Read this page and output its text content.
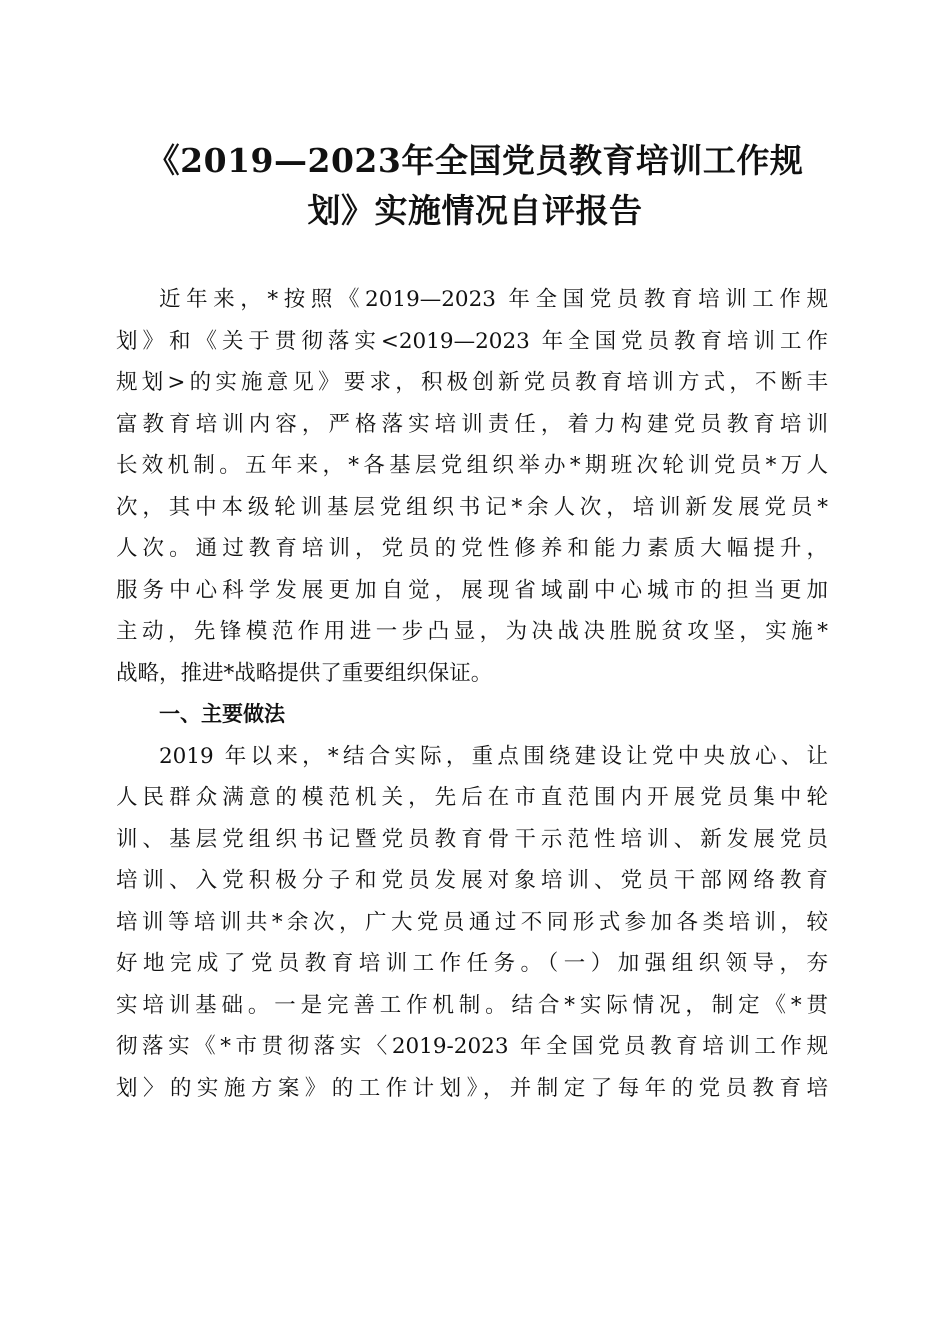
《2019—2023年全国党员教育培训工作规
划》实施情况自评报告

近年来，*按照《2019—2023 年全国党员教育培训工作规
划》和《关于贯彻落实<2019—2023 年全国党员教育培训工作
规划>的实施意见》要求，积极创新党员教育培训方式，不断丰
富教育培训内容，严格落实培训责任，着力构建党员教育培训
长效机制。五年来，*各基层党组织举办*期班次轮训党员*万人
次，其中本级轮训基层党组织书记*余人次，培训新发展党员*
人次。通过教育培训，党员的党性修养和能力素质大幅提升，
服务中心科学发展更加自觉，展现省域副中心城市的担当更加
主动，先锋模范作用进一步凸显，为决战决胜脱贫攻坚，实施*
战略，推进*战略提供了重要组织保证。

一、主要做法

2019 年以来，*结合实际，重点围绕建设让党中央放心、让
人民群众满意的模范机关，先后在市直范围内开展党员集中轮
训、基层党组织书记暨党员教育骨干示范性培训、新发展党员
培训、入党积极分子和党员发展对象培训、党员干部网络教育
培训等培训共*余次，广大党员通过不同形式参加各类培训，较
好地完成了党员教育培训工作任务。（一）加强组织领导，夯
实培训基础。一是完善工作机制。结合*实际情况，制定《*贯
彻落实《*市贯彻落实〈2019-2023 年全国党员教育培训工作规
划〉的实施方案》的工作计划》，并制定了每年的党员教育培
